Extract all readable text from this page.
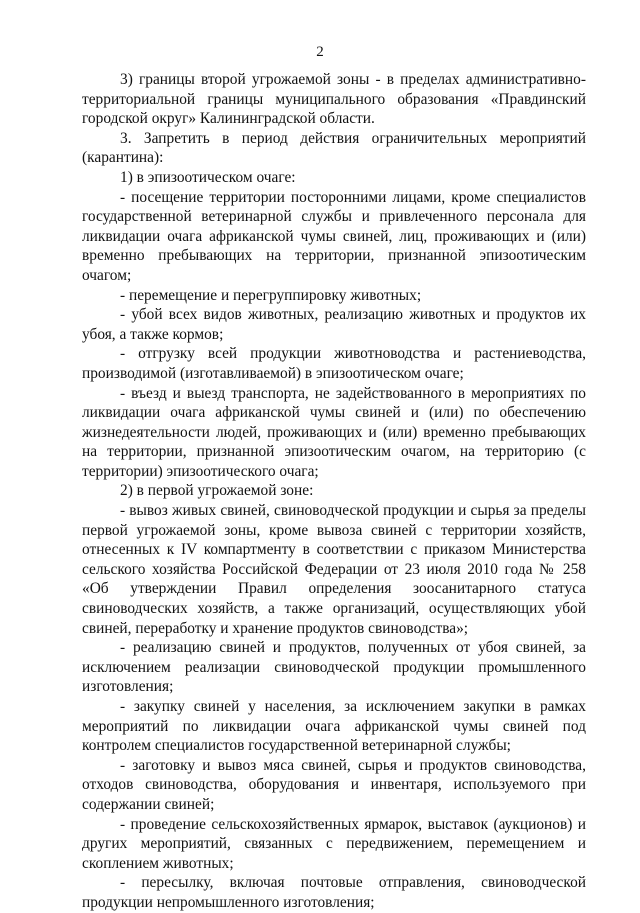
2

3) границы второй угрожаемой зоны - в пределах административно-территориальной границы муниципального образования «Правдинский городской округ» Калининградской области.

3. Запретить в период действия ограничительных мероприятий (карантина):

1) в эпизоотическом очаге:

- посещение территории посторонними лицами, кроме специалистов государственной ветеринарной службы и привлеченного персонала для ликвидации очага африканской чумы свиней, лиц, проживающих и (или) временно пребывающих на территории, признанной эпизоотическим очагом;

- перемещение и перегруппировку животных;

- убой всех видов животных, реализацию животных и продуктов их убоя, а также кормов;

- отгрузку всей продукции животноводства и растениеводства, производимой (изготавливаемой) в эпизоотическом очаге;

- въезд и выезд транспорта, не задействованного в мероприятиях по ликвидации очага африканской чумы свиней и (или) по обеспечению жизнедеятельности людей, проживающих и (или) временно пребывающих на территории, признанной эпизоотическим очагом, на территорию (с территории) эпизоотического очага;

2) в первой угрожаемой зоне:

- вывоз живых свиней, свиноводческой продукции и сырья за пределы первой угрожаемой зоны, кроме вывоза свиней с территории хозяйств, отнесенных к IV компартменту в соответствии с приказом Министерства сельского хозяйства Российской Федерации от 23 июля 2010 года № 258 «Об утверждении Правил определения зоосанитарного статуса свиноводческих хозяйств, а также организаций, осуществляющих убой свиней, переработку и хранение продуктов свиноводства»;

- реализацию свиней и продуктов, полученных от убоя свиней, за исключением реализации свиноводческой продукции промышленного изготовления;

- закупку свиней у населения, за исключением закупки в рамках мероприятий по ликвидации очага африканской чумы свиней под контролем специалистов государственной ветеринарной службы;

- заготовку и вывоз мяса свиней, сырья и продуктов свиноводства, отходов свиноводства, оборудования и инвентаря, используемого при содержании свиней;

- проведение сельскохозяйственных ярмарок, выставок (аукционов) и других мероприятий, связанных с передвижением, перемещением и скоплением животных;

- пересылку, включая почтовые отправления, свиноводческой продукции непромышленного изготовления;
